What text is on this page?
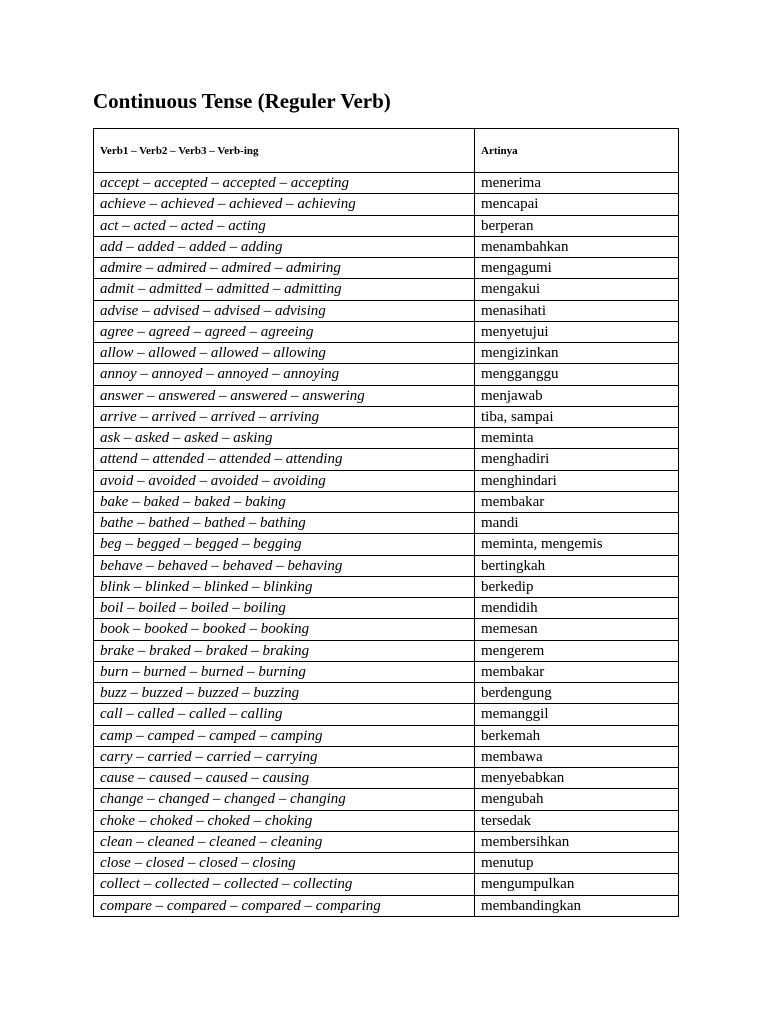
Continuous Tense (Reguler Verb)
Verb1 – Verb2 – Verb3 – Verb-ing	Artinya
accept – accepted – accepted – accepting	menerima
achieve – achieved – achieved – achieving	mencapai
act – acted – acted – acting	berperan
add – added – added – adding	menambahkan
admire – admired – admired – admiring	mengagumi
admit – admitted – admitted – admitting	mengakui
advise – advised – advised – advising	menasihati
agree – agreed – agreed – agreeing	menyetujui
allow – allowed – allowed – allowing	mengizinkan
annoy – annoyed – annoyed – annoying	mengganggu
answer – answered – answered – answering	menjawab
arrive – arrived – arrived – arriving	tiba, sampai
ask – asked – asked – asking	meminta
attend – attended – attended – attending	menghadiri
avoid – avoided – avoided – avoiding	menghindari
bake – baked – baked – baking	membakar
bathe – bathed – bathed – bathing	mandi
beg – begged – begged – begging	meminta, mengemis
behave – behaved – behaved – behaving	bertingkah
blink – blinked – blinked – blinking	berkedip
boil – boiled – boiled – boiling	mendidih
book – booked – booked – booking	memesan
brake – braked – braked – braking	mengerem
burn – burned – burned – burning	membakar
buzz – buzzed – buzzed – buzzing	berdengung
call – called – called – calling	memanggil
camp – camped – camped – camping	berkemah
carry – carried – carried – carrying	membawa
cause – caused – caused – causing	menyebabkan
change – changed – changed – changing	mengubah
choke – choked – choked – choking	tersedak
clean – cleaned – cleaned – cleaning	membersihkan
close – closed – closed – closing	menutup
collect – collected – collected – collecting	mengumpulkan
compare – compared – compared – comparing	membandingkan
